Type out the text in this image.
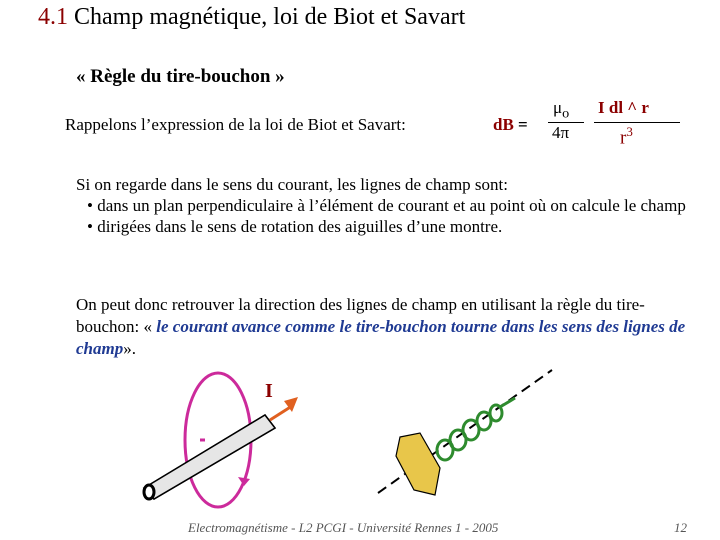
4.1 Champ magnétique, loi de Biot et Savart
« Règle du tire-bouchon »
Rappelons l’expression de la loi de Biot et Savart:	dB =
$\mu_o$
4π
I dl ^ r
$r^3$
Si on regarde dans le sens du courant, les lignes de champ sont:
• dans un plan perpendiculaire à l’élément de courant et au point où on calcule le champ
• dirigées dans le sens de rotation des aiguilles d’une montre.
On peut donc retrouver la direction des lignes de champ en utilisant la règle du tire-bouchon: « le courant avance comme le tire-bouchon tourne dans les sens des lignes de champ».
I
Electromagnétisme - L2 PCGI - Université Rennes 1 - 2005	12
